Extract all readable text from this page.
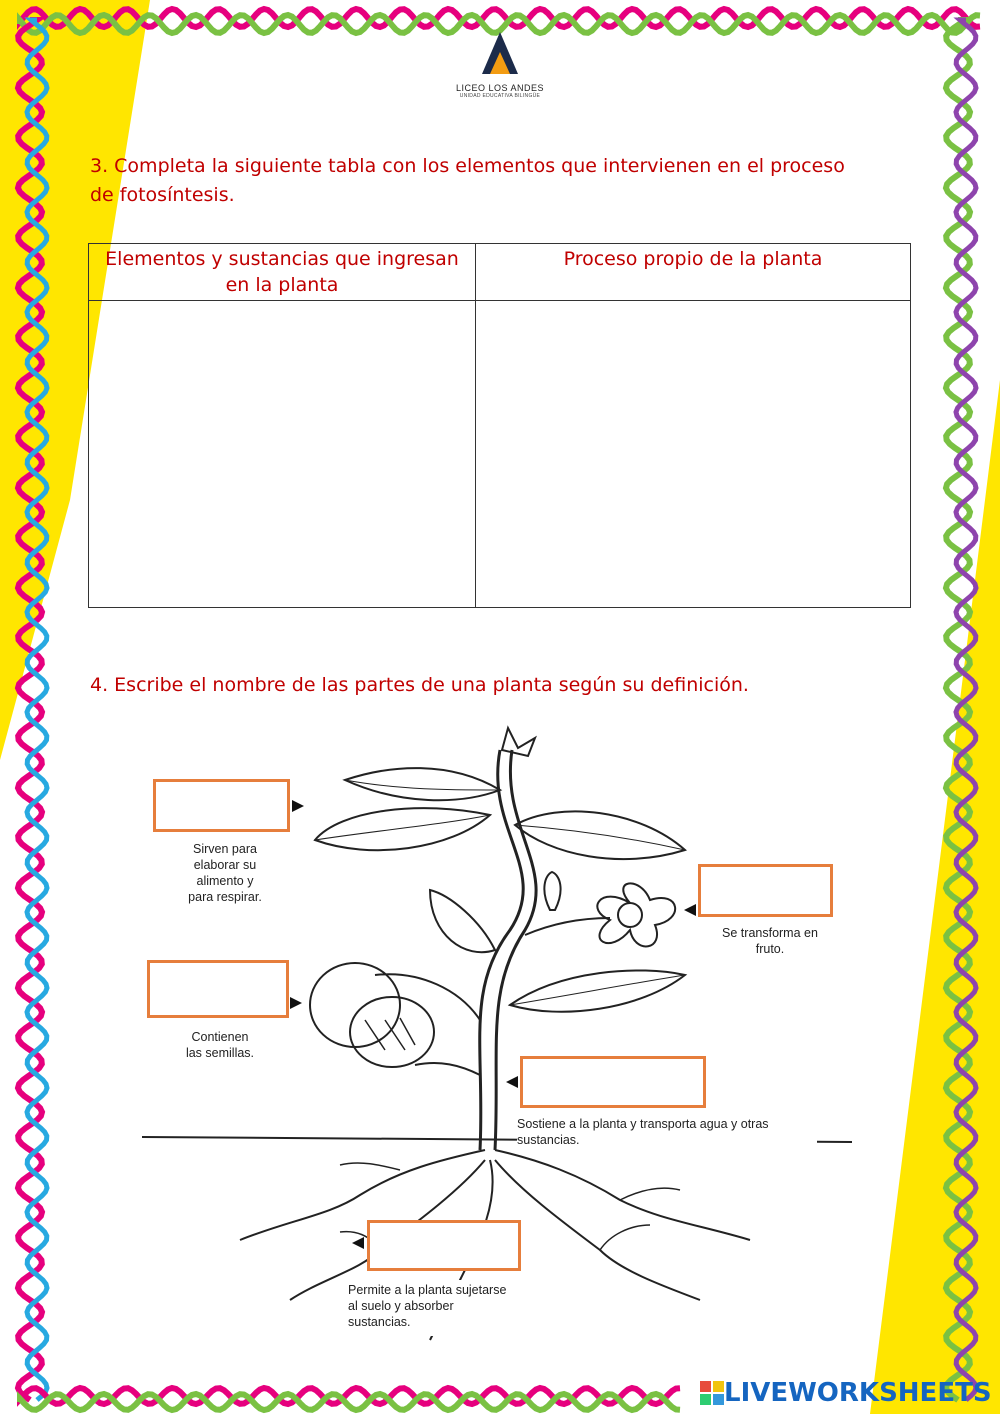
LICEO LOS ANDES
UNIDAD EDUCATIVA BILINGÜE
3. Completa la siguiente tabla con los elementos que intervienen en el proceso
de fotosíntesis.
Elementos y sustancias que ingresan
en la planta	Proceso propio de la planta

4. Escribe el nombre de las partes de una planta según su definición.
Sirven para
elaborar su
alimento y
para respirar.
Se transforma en
fruto.
Contienen
las semillas.
Sostiene a la planta y transporta agua y otras
sustancias.
Permite a la planta sujetarse
al suelo y absorber
sustancias.
LIVEWORKSHEETS
